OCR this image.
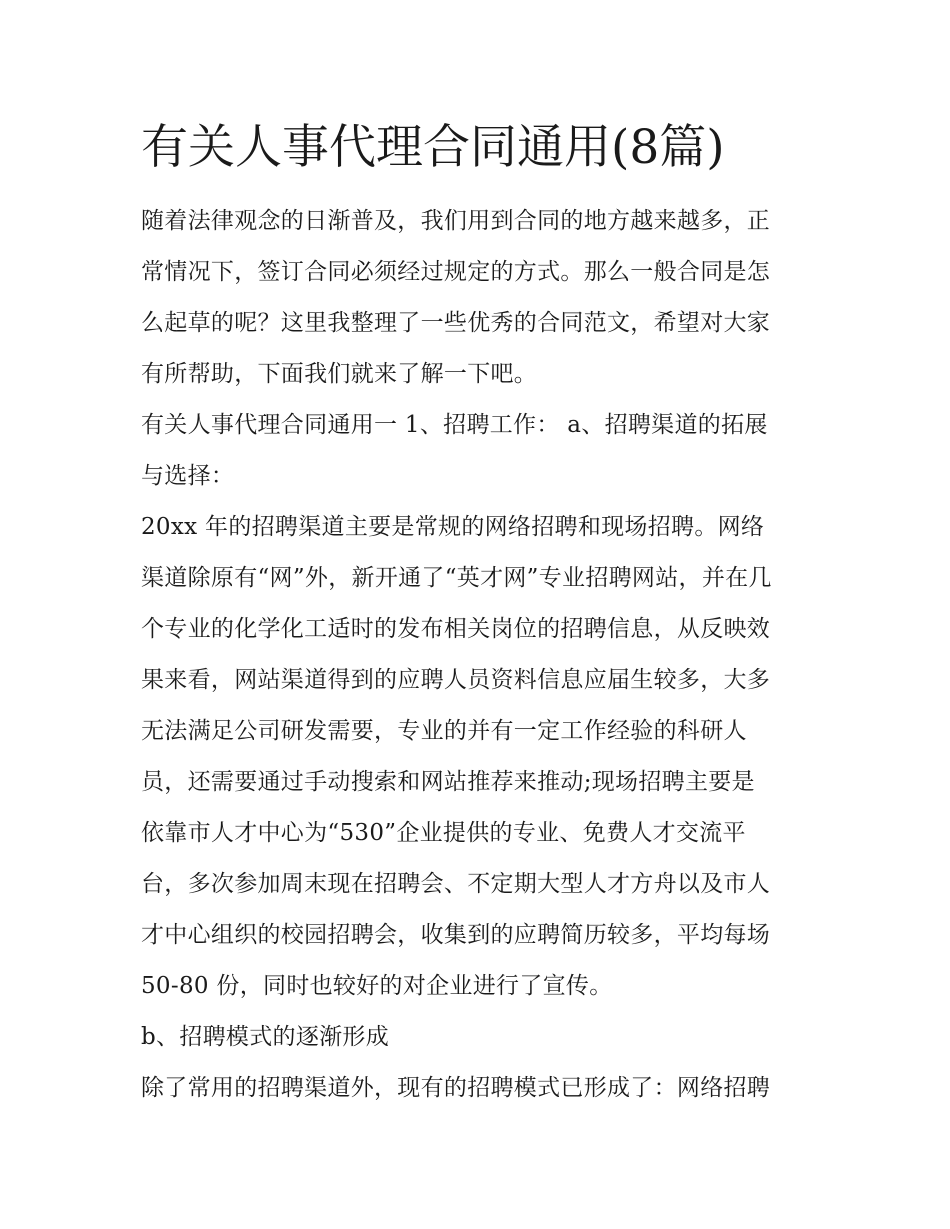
有关人事代理合同通用(8篇)

随着法律观念的日渐普及，我们用到合同的地方越来越多，正
常情况下，签订合同必须经过规定的方式。那么一般合同是怎
么起草的呢？这里我整理了一些优秀的合同范文，希望对大家
有所帮助，下面我们就来了解一下吧。

有关人事代理合同通用一 1、招聘工作： a、招聘渠道的拓展
与选择：

20xx 年的招聘渠道主要是常规的网络招聘和现场招聘。网络
渠道除原有“网”外，新开通了“英才网”专业招聘网站，并在几
个专业的化学化工适时的发布相关岗位的招聘信息，从反映效
果来看，网站渠道得到的应聘人员资料信息应届生较多，大多
无法满足公司研发需要，专业的并有一定工作经验的科研人
员，还需要通过手动搜索和网站推荐来推动;现场招聘主要是
依靠市人才中心为“530”企业提供的专业、免费人才交流平
台，多次参加周末现在招聘会、不定期大型人才方舟以及市人
才中心组织的校园招聘会，收集到的应聘简历较多，平均每场
50-80 份，同时也较好的对企业进行了宣传。

b、招聘模式的逐渐形成

除了常用的招聘渠道外，现有的招聘模式已形成了：网络招聘
